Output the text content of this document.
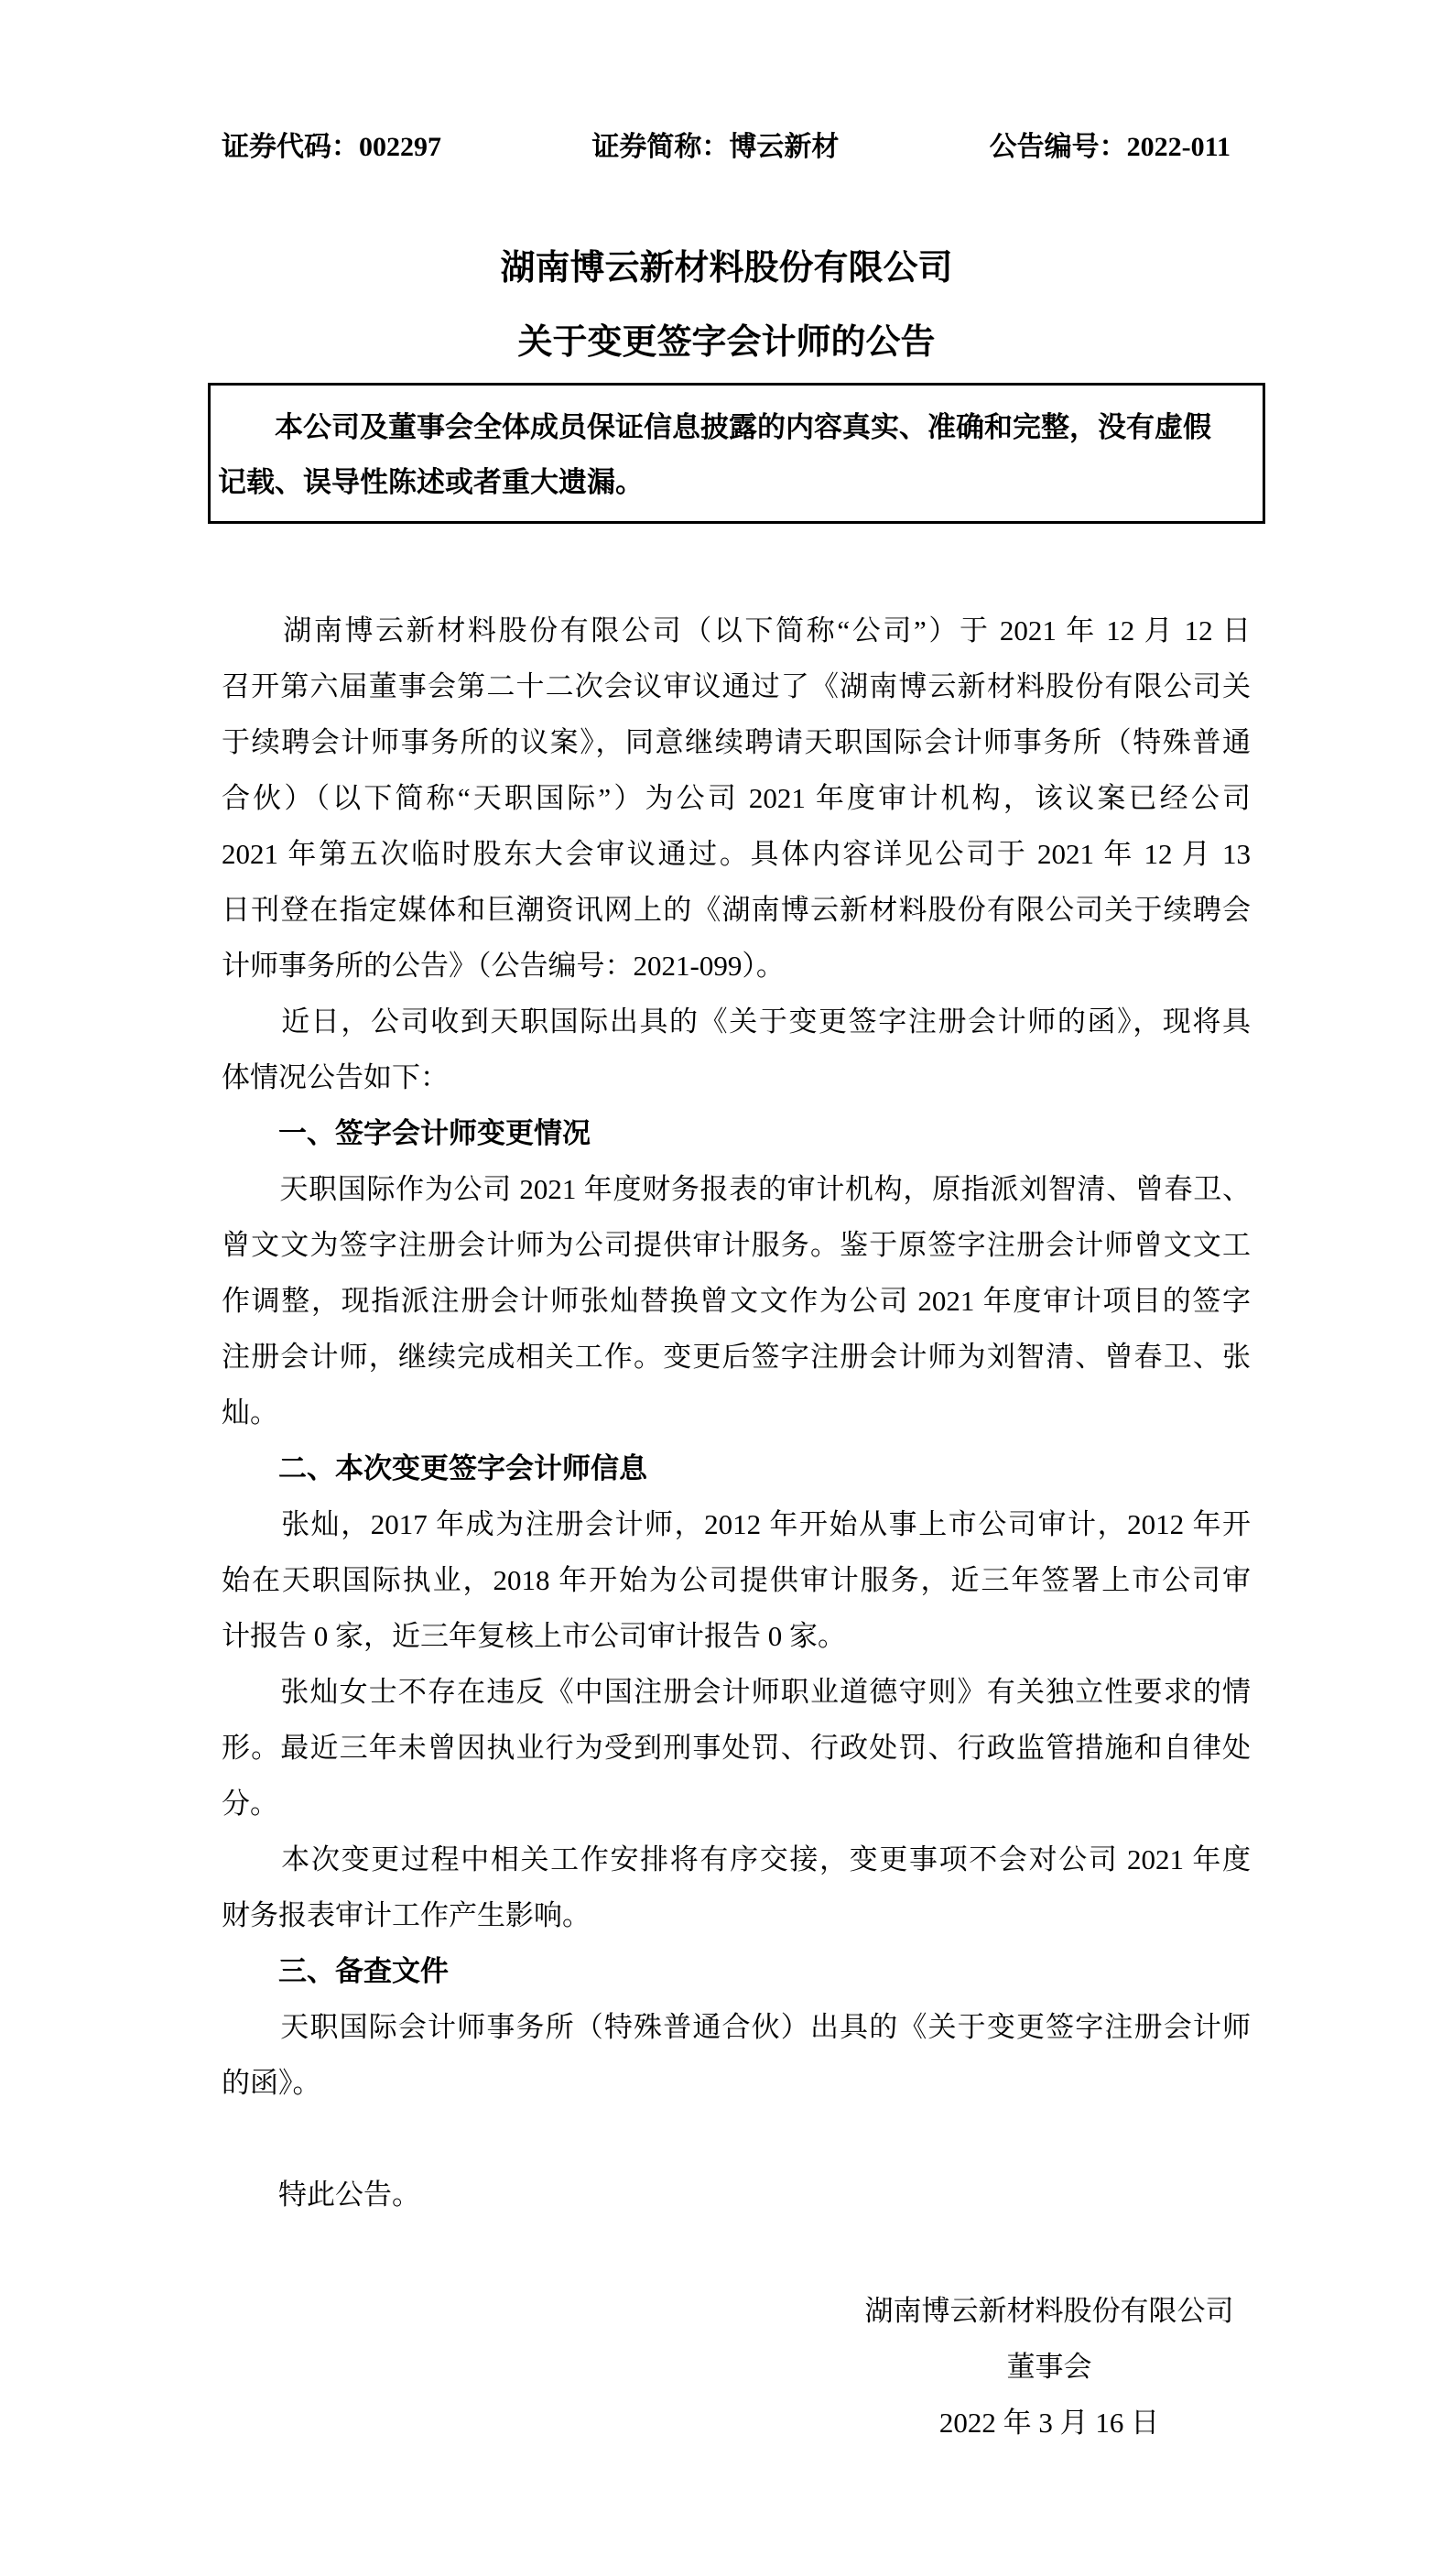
证券代码：002297	证券简称：博云新材	公告编号：2022-011
湖南博云新材料股份有限公司
关于变更签字会计师的公告
　　本公司及董事会全体成员保证信息披露的内容真实、准确和完整，没有虚假
记载、误导性陈述或者重大遗漏。
　　湖南博云新材料股份有限公司（以下简称“公司”）于 2021 年 12 月 12 日
召开第六届董事会第二十二次会议审议通过了《湖南博云新材料股份有限公司关
于续聘会计师事务所的议案》，同意继续聘请天职国际会计师事务所（特殊普通
合伙）（以下简称“天职国际”）为公司 2021 年度审计机构，该议案已经公司
2021 年第五次临时股东大会审议通过。具体内容详见公司于 2021 年 12 月 13
日刊登在指定媒体和巨潮资讯网上的《湖南博云新材料股份有限公司关于续聘会
计师事务所的公告》（公告编号：2021-099）。
　　近日，公司收到天职国际出具的《关于变更签字注册会计师的函》，现将具
体情况公告如下：
　　一、签字会计师变更情况
　　天职国际作为公司 2021 年度财务报表的审计机构，原指派刘智清、曾春卫、
曾文文为签字注册会计师为公司提供审计服务。鉴于原签字注册会计师曾文文工
作调整，现指派注册会计师张灿替换曾文文作为公司 2021 年度审计项目的签字
注册会计师，继续完成相关工作。变更后签字注册会计师为刘智清、曾春卫、张
灿。
　　二、本次变更签字会计师信息
　　张灿，2017 年成为注册会计师，2012 年开始从事上市公司审计，2012 年开
始在天职国际执业，2018 年开始为公司提供审计服务，近三年签署上市公司审
计报告 0 家，近三年复核上市公司审计报告 0 家。
　　张灿女士不存在违反《中国注册会计师职业道德守则》有关独立性要求的情
形。最近三年未曾因执业行为受到刑事处罚、行政处罚、行政监管措施和自律处
分。
　　本次变更过程中相关工作安排将有序交接，变更事项不会对公司 2021 年度
财务报表审计工作产生影响。
　　三、备查文件
　　天职国际会计师事务所（特殊普通合伙）出具的《关于变更签字注册会计师
的函》。
　　特此公告。
湖南博云新材料股份有限公司
董事会
2022 年 3 月 16 日
